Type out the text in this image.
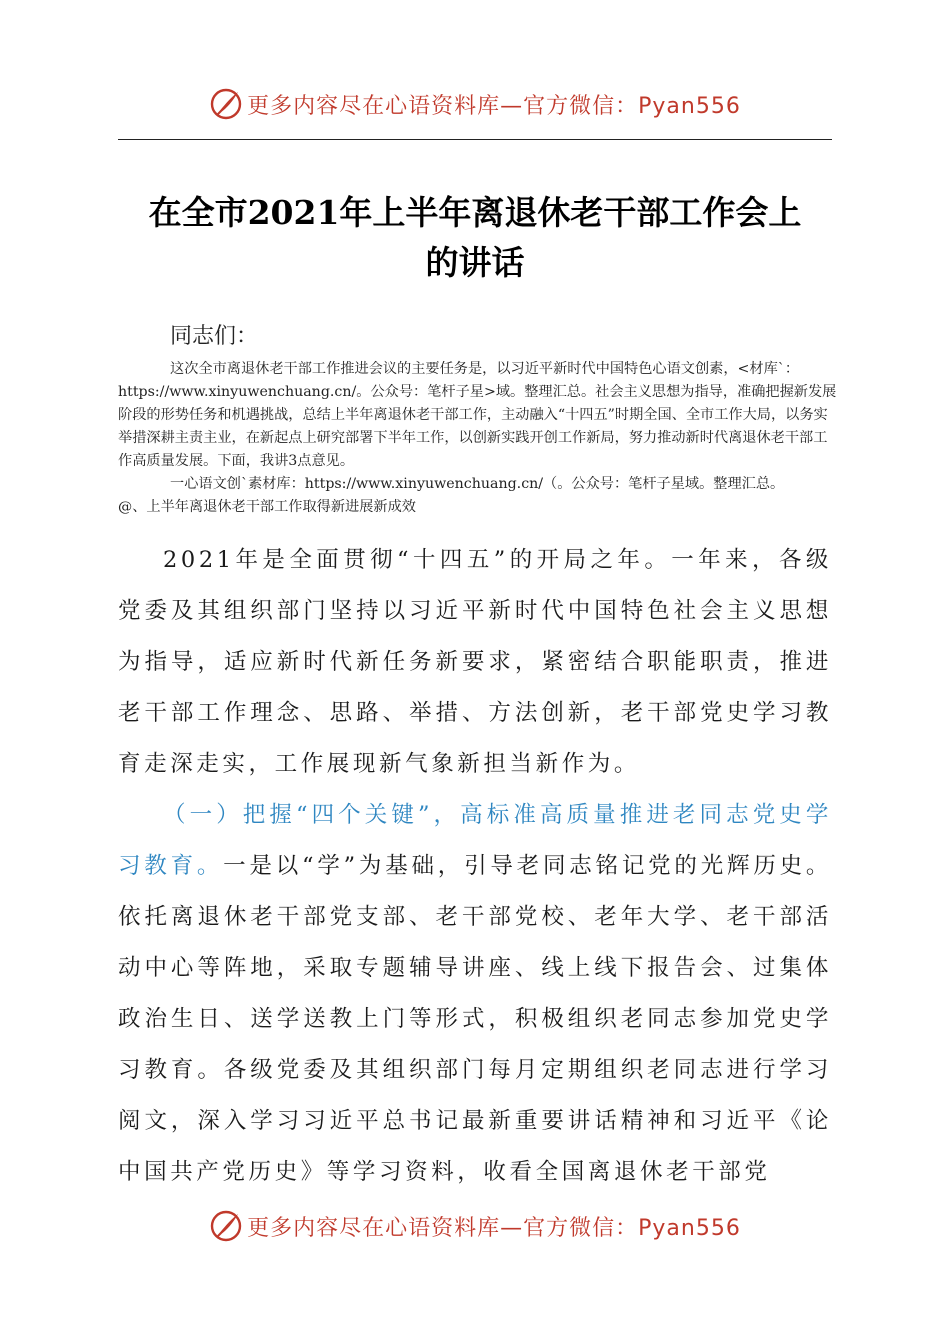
更多内容尽在心语资料库—官方微信：Pyan556
在全市2021年上半年离退休老干部工作会上
的讲话
同志们：

这次全市离退休老干部工作推进会议的主要任务是，以习近平新时代中国特色心语文创素，<材库`：https://www.xinyuwenchuang.cn/。公众号：笔杆子星>域。整理汇总。社会主义思想为指导，准确把握新发展阶段的形势任务和机遇挑战，总结上半年离退休老干部工作，主动融入“十四五”时期全国、全市工作大局，以务实举措深耕主责主业，在新起点上研究部署下半年工作，以创新实践开创工作新局，努力推动新时代离退休老干部工作高质量发展。下面，我讲3点意见。

一心语文创`素材库：https://www.xinyuwenchuang.cn/（。公众号：笔杆子星域。整理汇总。

@、上半年离退休老干部工作取得新进展新成效

2021年是全面贯彻“十四五”的开局之年。一年来，各级党委及其组织部门坚持以习近平新时代中国特色社会主义思想为指导，适应新时代新任务新要求，紧密结合职能职责，推进老干部工作理念、思路、举措、方法创新，老干部党史学习教育走深走实，工作展现新气象新担当新作为。

（一）把握“四个关键”，高标准高质量推进老同志党史学习教育。一是以“学”为基础，引导老同志铭记党的光辉历史。依托离退休老干部党支部、老干部党校、老年大学、老干部活动中心等阵地，采取专题辅导讲座、线上线下报告会、过集体政治生日、送学送教上门等形式，积极组织老同志参加党史学习教育。各级党委及其组织部门每月定期组织老同志进行学习阅文，深入学习习近平总书记最新重要讲话精神和习近平《论中国共产党历史》等学习资料，收看全国离退休老干部党

更多内容尽在心语资料库—官方微信：Pyan556
